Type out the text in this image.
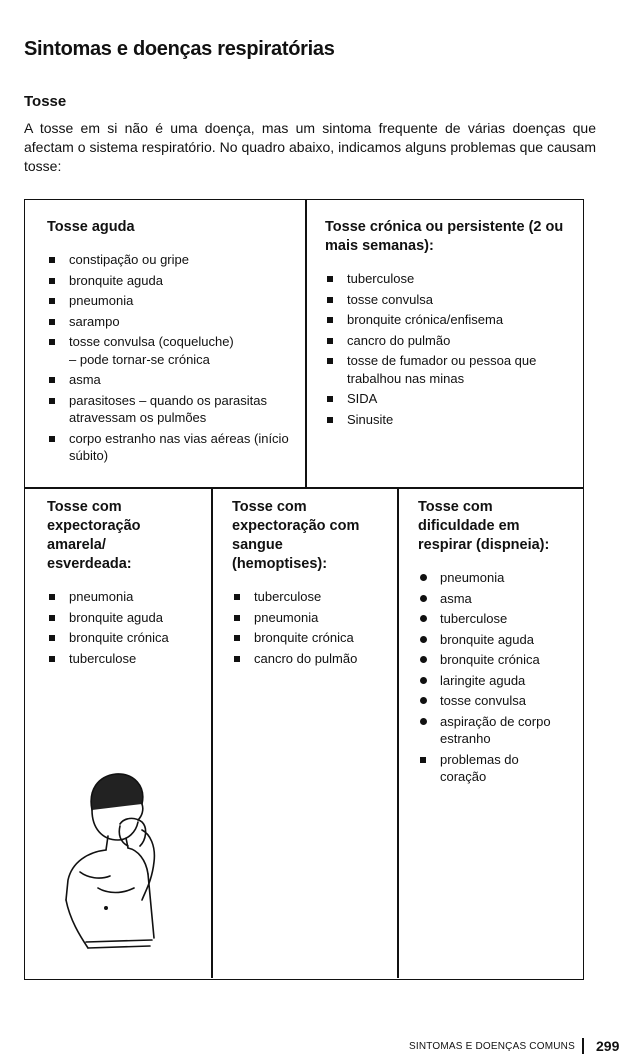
Sintomas e doenças respiratórias
Tosse
A tosse em si não é uma doença, mas um sintoma frequente de várias doenças que afectam o sistema respiratório. No quadro abaixo, indicamos alguns problemas que causam tosse:
Tosse aguda
constipação ou gripe
bronquite aguda
pneumonia
sarampo
tosse convulsa (coqueluche)
– pode tornar-se crónica
asma
parasitoses – quando os parasitas atravessam os pulmões
corpo estranho nas vias aéreas (início súbito)
Tosse crónica ou persistente (2 ou mais semanas):
tuberculose
tosse convulsa
bronquite crónica/enfisema
cancro do pulmão
tosse de fumador ou pessoa que trabalhou nas minas
SIDA
Sinusite
Tosse com expectoração amarela/ esverdeada:
pneumonia
bronquite aguda
bronquite crónica
tuberculose
Tosse com expectoração com sangue (hemoptises):
tuberculose
pneumonia
bronquite crónica
cancro do pulmão
Tosse com dificuldade em respirar (dispneia):
pneumonia
asma
tuberculose
bronquite aguda
bronquite crónica
laringite aguda
tosse convulsa
aspiração de corpo estranho
problemas do coração
SINTOMAS E DOENÇAS COMUNS 299
